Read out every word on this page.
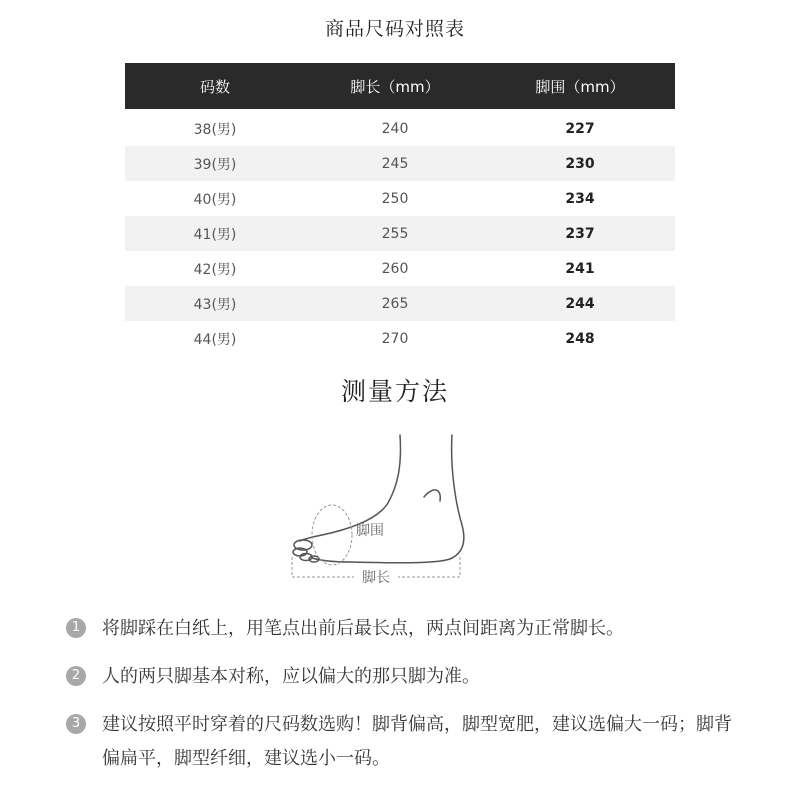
商品尺码对照表
码数	脚长（mm）	脚围（mm）
38(男)	240	227
39(男)	245	230
40(男)	250	234
41(男)	255	237
42(男)	260	241
43(男)	265	244
44(男)	270	248
测量方法
脚长
脚围
1	将脚踩在白纸上，用笔点出前后最长点，两点间距离为正常脚长。
2	人的两只脚基本对称，应以偏大的那只脚为准。
3	建议按照平时穿着的尺码数选购！脚背偏高，脚型宽肥，建议选偏大一码；脚背偏扁平，脚型纤细，建议选小一码。
